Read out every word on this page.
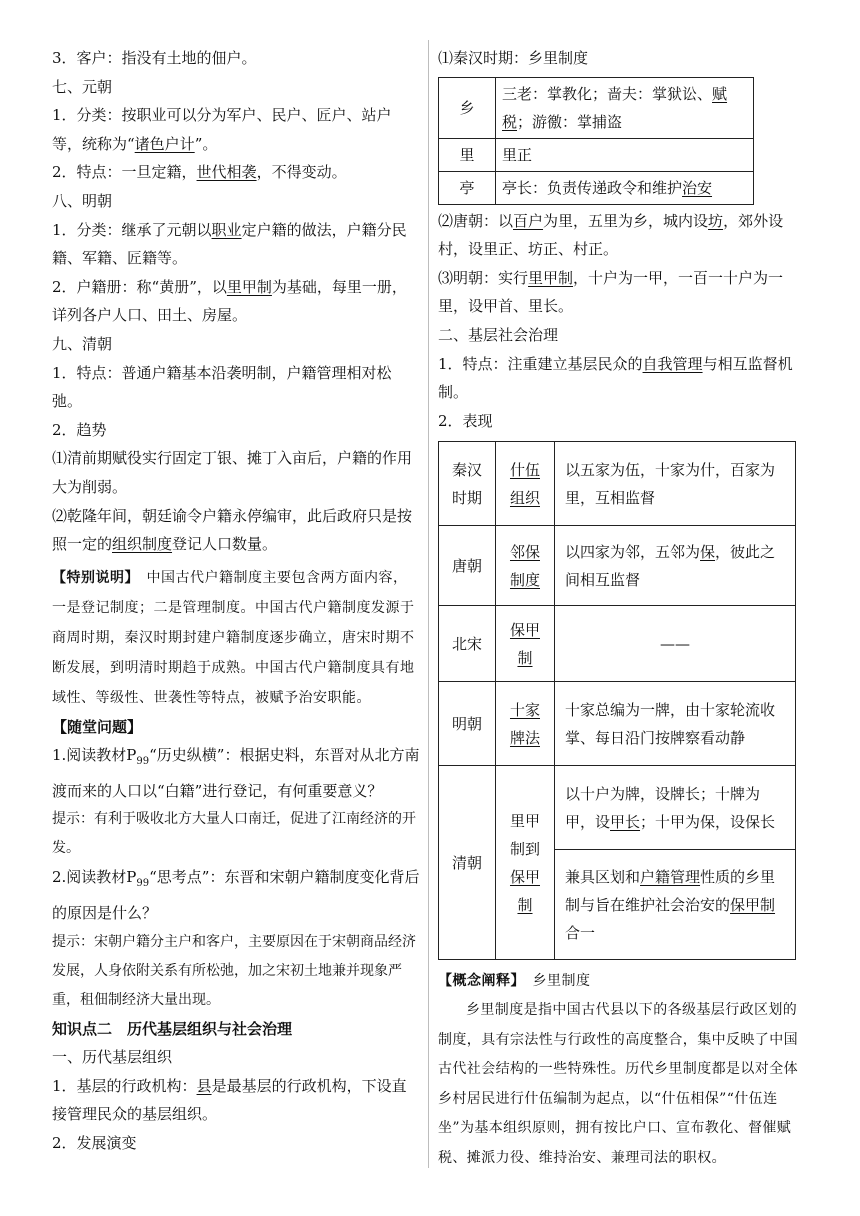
3．客户：指没有土地的佃户。

七、元朝

1．分类：按职业可以分为军户、民户、匠户、站户等，统称为“诸色户计”。

2．特点：一旦定籍，世代相袭，不得变动。

八、明朝

1．分类：继承了元朝以职业定户籍的做法，户籍分民籍、军籍、匠籍等。

2．户籍册：称“黄册”，以里甲制为基础，每里一册，详列各户人口、田土、房屋。

九、清朝

1．特点：普通户籍基本沿袭明制，户籍管理相对松弛。

2．趋势

⑴清前期赋役实行固定丁银、摊丁入亩后，户籍的作用大为削弱。

⑵乾隆年间，朝廷谕令户籍永停编审，此后政府只是按照一定的组织制度登记人口数量。

【特别说明】　 中国古代户籍制度主要包含两方面内容，一是登记制度；二是管理制度。中国古代户籍制度发源于商周时期，秦汉时期封建户籍制度逐步确立，唐宋时期不断发展，到明清时期趋于成熟。中国古代户籍制度具有地域性、等级性、世袭性等特点，被赋予治安职能。

【随堂问题】

1.阅读教材$P_{99}“$历史纵横”：根据史料，东晋对从北方南渡而来的人口以“白籍”进行登记，有何重要意义？

提示：有利于吸收北方大量人口南迁，促进了江南经济的开发。

2.阅读教材$P_{99}“$思考点”：东晋和宋朝户籍制度变化背后的原因是什么？

提示：宋朝户籍分主户和客户，主要原因在于宋朝商品经济发展，人身依附关系有所松弛，加之宋初土地兼并现象严重，租佃制经济大量出现。

知识点二　历代基层组织与社会治理

一、历代基层组织

1．基层的行政机构：县是最基层的行政机构，下设直接管理民众的基层组织。

2．发展演变

⑴秦汉时期：乡里制度

乡	三老：掌教化；啬夫：掌狱讼、赋税；游徼：掌捕盗
里	里正
亭	亭长：负责传递政令和维护治安

⑵唐朝：以百户为里，五里为乡，城内设坊，郊外设村，设里正、坊正、村正。

⑶明朝：实行里甲制，十户为一甲，一百一十户为一里，设甲首、里长。

二、基层社会治理

1．特点：注重建立基层民众的自我管理与相互监督机制。

2．表现

秦汉时期	什伍组织	以五家为伍，十家为什，百家为里，互相监督
唐朝	邻保制度	以四家为邻，五邻为保，彼此之间相互监督
北宋	保甲制	——
明朝	十家牌法	十家总编为一牌，由十家轮流收掌、每日沿门按牌察看动静
清朝	里甲制到保甲制	以十户为牌，设牌长；十牌为甲，设甲长；十甲为保，设保长
		兼具区划和户籍管理性质的乡里制与旨在维护社会治安的保甲制合一

【概念阐释】　 乡里制度

乡里制度是指中国古代县以下的各级基层行政区划的制度，具有宗法性与行政性的高度整合，集中反映了中国古代社会结构的一些特殊性。历代乡里制度都是以对全体乡村居民进行什伍编制为起点，以“什伍相保”“什伍连坐”为基本组织原则，拥有按比户口、宣布教化、督催赋税、摊派力役、维持治安、兼理司法的职权。
